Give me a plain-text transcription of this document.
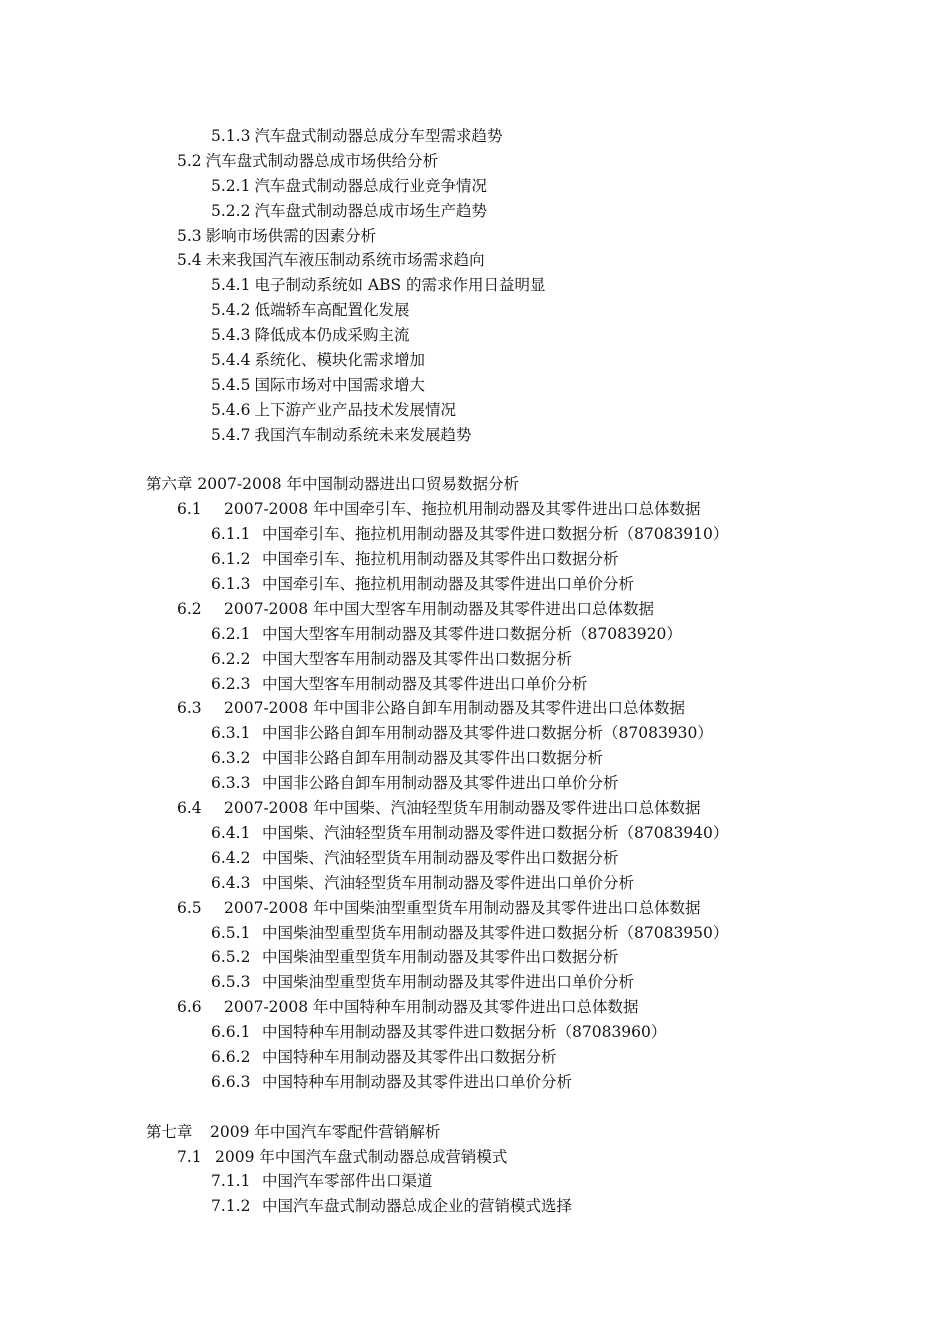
5.1.3 汽车盘式制动器总成分车型需求趋势
5.2 汽车盘式制动器总成市场供给分析
5.2.1 汽车盘式制动器总成行业竞争情况
5.2.2 汽车盘式制动器总成市场生产趋势
5.3 影响市场供需的因素分析
5.4 未来我国汽车液压制动系统市场需求趋向
5.4.1 电子制动系统如 ABS 的需求作用日益明显
5.4.2 低端轿车高配置化发展
5.4.3 降低成本仍成采购主流
5.4.4 系统化、模块化需求增加
5.4.5 国际市场对中国需求增大
5.4.6 上下游产业产品技术发展情况
5.4.7 我国汽车制动系统未来发展趋势
第六章 2007-2008 年中国制动器进出口贸易数据分析
6.1 2007-2008 年中国牵引车、拖拉机用制动器及其零件进出口总体数据
6.1.1 中国牵引车、拖拉机用制动器及其零件进口数据分析（87083910）
6.1.2 中国牵引车、拖拉机用制动器及其零件出口数据分析
6.1.3 中国牵引车、拖拉机用制动器及其零件进出口单价分析
6.2 2007-2008 年中国大型客车用制动器及其零件进出口总体数据
6.2.1 中国大型客车用制动器及其零件进口数据分析（87083920）
6.2.2 中国大型客车用制动器及其零件出口数据分析
6.2.3 中国大型客车用制动器及其零件进出口单价分析
6.3 2007-2008 年中国非公路自卸车用制动器及其零件进出口总体数据
6.3.1 中国非公路自卸车用制动器及其零件进口数据分析（87083930）
6.3.2 中国非公路自卸车用制动器及其零件出口数据分析
6.3.3 中国非公路自卸车用制动器及其零件进出口单价分析
6.4 2007-2008 年中国柴、汽油轻型货车用制动器及零件进出口总体数据
6.4.1 中国柴、汽油轻型货车用制动器及零件进口数据分析（87083940）
6.4.2 中国柴、汽油轻型货车用制动器及零件出口数据分析
6.4.3 中国柴、汽油轻型货车用制动器及零件进出口单价分析
6.5 2007-2008 年中国柴油型重型货车用制动器及其零件进出口总体数据
6.5.1 中国柴油型重型货车用制动器及其零件进口数据分析（87083950）
6.5.2 中国柴油型重型货车用制动器及其零件出口数据分析
6.5.3 中国柴油型重型货车用制动器及其零件进出口单价分析
6.6 2007-2008 年中国特种车用制动器及其零件进出口总体数据
6.6.1 中国特种车用制动器及其零件进口数据分析（87083960）
6.6.2 中国特种车用制动器及其零件出口数据分析
6.6.3 中国特种车用制动器及其零件进出口单价分析
第七章 2009 年中国汽车零配件营销解析
7.1 2009 年中国汽车盘式制动器总成营销模式
7.1.1 中国汽车零部件出口渠道
7.1.2 中国汽车盘式制动器总成企业的营销模式选择
